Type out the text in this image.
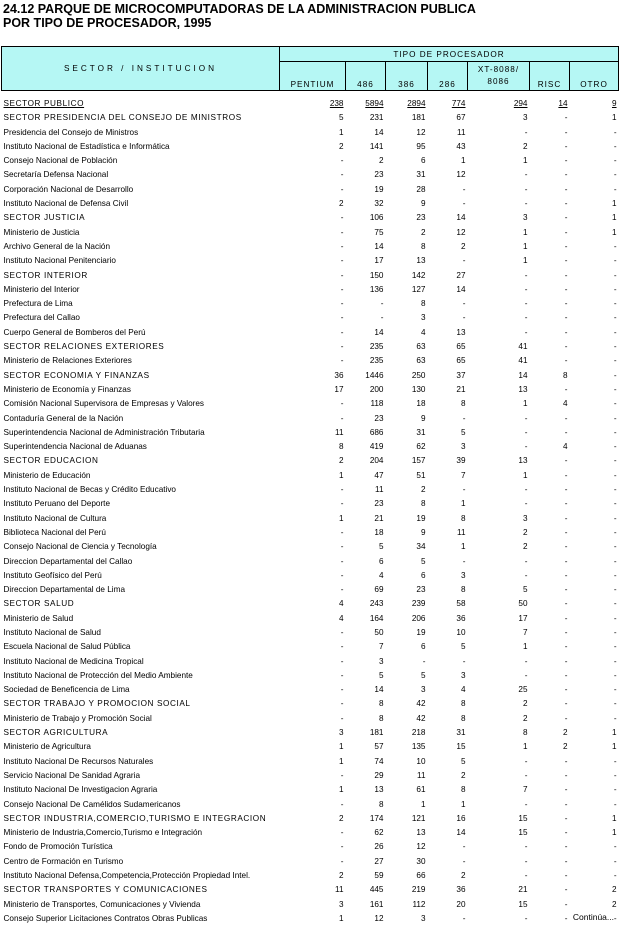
24.12 PARQUE DE MICROCOMPUTADORAS DE LA ADMINISTRACION PUBLICA
POR TIPO DE PROCESADOR, 1995
SECTOR / INSTITUCION	TIPO DE PROCESADOR						
	PENTIUM	486	386	286	XT-8088/ 8086	RISC	OTRO
SECTOR PUBLICO	238	5894	2894	774	294	14	9
SECTOR PRESIDENCIA DEL CONSEJO DE MINISTROS	5	231	181	67	3	-	1
Presidencia del Consejo de Ministros	1	14	12	11	-	-	-
Instituto Nacional de Estadística e Informática	2	141	95	43	2	-	-
Consejo Nacional de Población	-	2	6	1	1	-	-
Secretaría Defensa Nacional	-	23	31	12	-	-	-
Corporación Nacional de Desarrollo	-	19	28	-	-	-	-
Instituto Nacional de Defensa Civil	2	32	9	-	-	-	1
SECTOR JUSTICIA	-	106	23	14	3	-	1
Ministerio de Justicia	-	75	2	12	1	-	1
Archivo General de la Nación	-	14	8	2	1	-	-
Instituto Nacional Penitenciario	-	17	13	-	1	-	-
SECTOR INTERIOR	-	150	142	27	-	-	-
Ministerio del Interior	-	136	127	14	-	-	-
Prefectura de Lima	-	-	8	-	-	-	-
Prefectura del Callao	-	-	3	-	-	-	-
Cuerpo General de Bomberos del Perú	-	14	4	13	-	-	-
SECTOR RELACIONES EXTERIORES	-	235	63	65	41	-	-
Ministerio de Relaciones Exteriores	-	235	63	65	41	-	-
SECTOR ECONOMIA Y FINANZAS	36	1446	250	37	14	8	-
Ministerio de Economía y Finanzas	17	200	130	21	13	-	-
Comisión Nacional Supervisora de Empresas y Valores	-	118	18	8	1	4	-
Contaduría General de la Nación	-	23	9	-	-	-	-
Superintendencia Nacional de Administración Tributaria	11	686	31	5	-	-	-
Superintendencia Nacional de Aduanas	8	419	62	3	-	4	-
SECTOR EDUCACION	2	204	157	39	13	-	-
Ministerio de Educación	1	47	51	7	1	-	-
Instituto Nacional de Becas y Crédito Educativo	-	11	2	-	-	-	-
Instituto Peruano del Deporte	-	23	8	1	-	-	-
Instituto Nacional de Cultura	1	21	19	8	3	-	-
Biblioteca Nacional del Perú	-	18	9	11	2	-	-
Consejo Nacional de Ciencia y Tecnología	-	5	34	1	2	-	-
Direccion Departamental del Callao	-	6	5	-	-	-	-
Instituto Geofísico del Perú	-	4	6	3	-	-	-
Direccion Departamental de Lima	-	69	23	8	5	-	-
SECTOR SALUD	4	243	239	58	50	-	-
Ministerio de Salud	4	164	206	36	17	-	-
Instituto Nacional de Salud	-	50	19	10	7	-	-
Escuela Nacional de Salud Pública	-	7	6	5	1	-	-
Instituto Nacional de Medicina Tropical	-	3	-	-	-	-	-
Instituto Nacional de Protección del Medio Ambiente	-	5	5	3	-	-	-
Sociedad de Beneficencia de Lima	-	14	3	4	25	-	-
SECTOR TRABAJO Y PROMOCION SOCIAL	-	8	42	8	2	-	-
Ministerio de Trabajo y Promoción Social	-	8	42	8	2	-	-
SECTOR AGRICULTURA	3	181	218	31	8	2	1
Ministerio de Agricultura	1	57	135	15	1	2	1
Instituto Nacional De Recursos Naturales	1	74	10	5	-	-	-
Servicio Nacional De Sanidad Agraria	-	29	11	2	-	-	-
Instituto Nacional De Investigacion Agraria	1	13	61	8	7	-	-
Consejo Nacional De Camélidos Sudamericanos	-	8	1	1	-	-	-
SECTOR INDUSTRIA,COMERCIO,TURISMO E INTEGRACION	2	174	121	16	15	-	1
Ministerio de Industria,Comercio,Turismo e Integración	-	62	13	14	15	-	1
Fondo de Promoción Turística	-	26	12	-	-	-	-
Centro de Formación en Turismo	-	27	30	-	-	-	-
Instituto Nacional Defensa,Competencia,Protección Propiedad Intel.	2	59	66	2	-	-	-
SECTOR TRANSPORTES Y COMUNICACIONES	11	445	219	36	21	-	2
Ministerio de Transportes, Comunicaciones y Vivienda	3	161	112	20	15	-	2
Consejo Superior Licitaciones Contratos Obras Publicas	1	12	3	-	-	-	-
Continúa...
